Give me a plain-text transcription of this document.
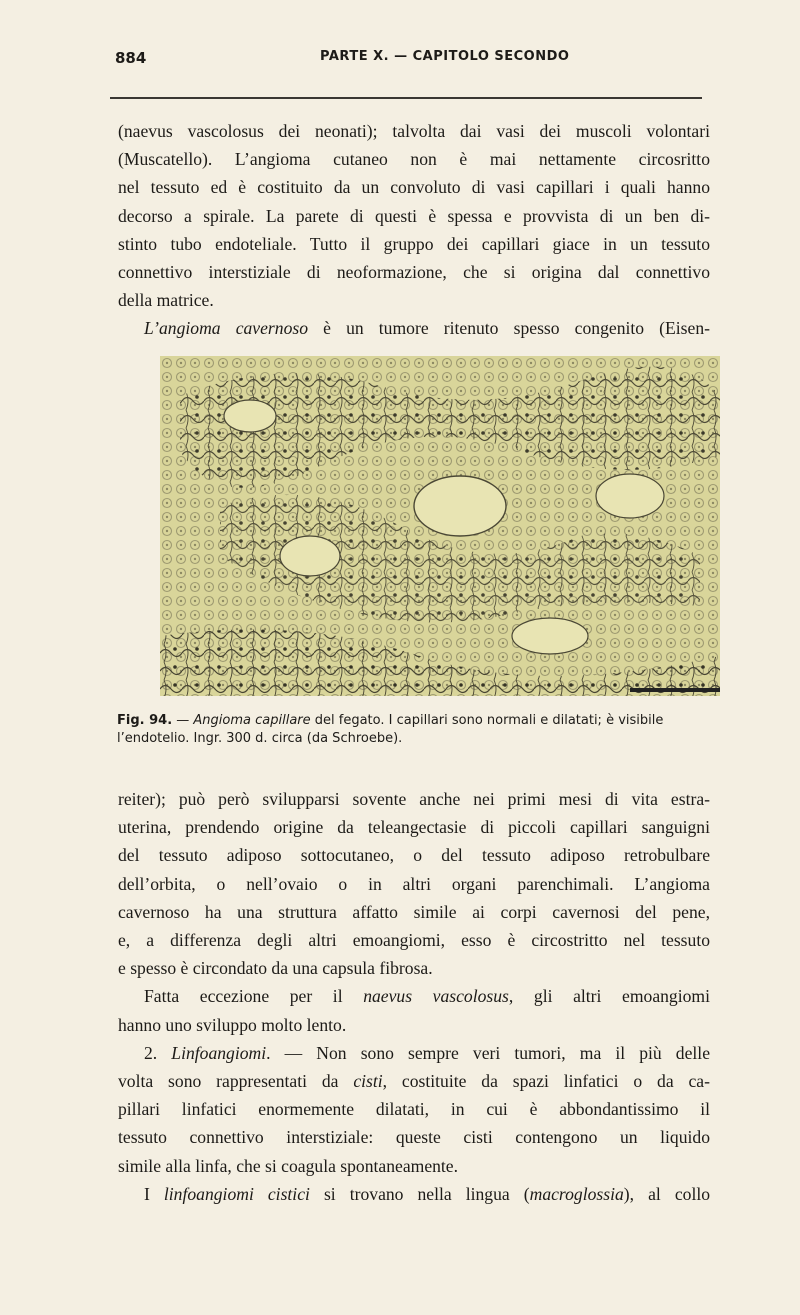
884	PARTE X. — CAPITOLO SECONDO
(naevus vascolosus dei neonati); talvolta dai vasi dei muscoli volontari
(Muscatello). L’angioma cutaneo non è mai nettamente circosritto
nel tessuto ed è costituito da un convoluto di vasi capillari i quali hanno
decorso a spirale. La parete di questi è spessa e provvista di un ben di-
stinto tubo endoteliale. Tutto il gruppo dei capillari giace in un tessuto
connettivo interstiziale di neoformazione, che si origina dal connettivo
della matrice.
L’angioma cavernoso è un tumore ritenuto spesso congenito (Eisen-
Fig. 94. — Angioma capillare del fegato. I capillari sono normali e dilatati; è visibile
l’endotelio. Ingr. 300 d. circa (da Schroebe).
reiter); può però svilupparsi sovente anche nei primi mesi di vita estra-
uterina, prendendo origine da teleangectasie di piccoli capillari sanguigni
del tessuto adiposo sottocutaneo, o del tessuto adiposo retrobulbare
dell’orbita, o nell’ovaio o in altri organi parenchimali. L’angioma
cavernoso ha una struttura affatto simile ai corpi cavernosi del pene,
e, a differenza degli altri emoangiomi, esso è circostritto nel tessuto
e spesso è circondato da una capsula fibrosa.
Fatta eccezione per il naevus vascolosus, gli altri emoangiomi
hanno uno sviluppo molto lento.
2. Linfoangiomi. — Non sono sempre veri tumori, ma il più delle
volta sono rappresentati da cisti, costituite da spazi linfatici o da ca-
pillari linfatici enormemente dilatati, in cui è abbondantissimo il
tessuto connettivo interstiziale: queste cisti contengono un liquido
simile alla linfa, che si coagula spontaneamente.
I linfoangiomi cistici si trovano nella lingua (macroglossia), al collo
